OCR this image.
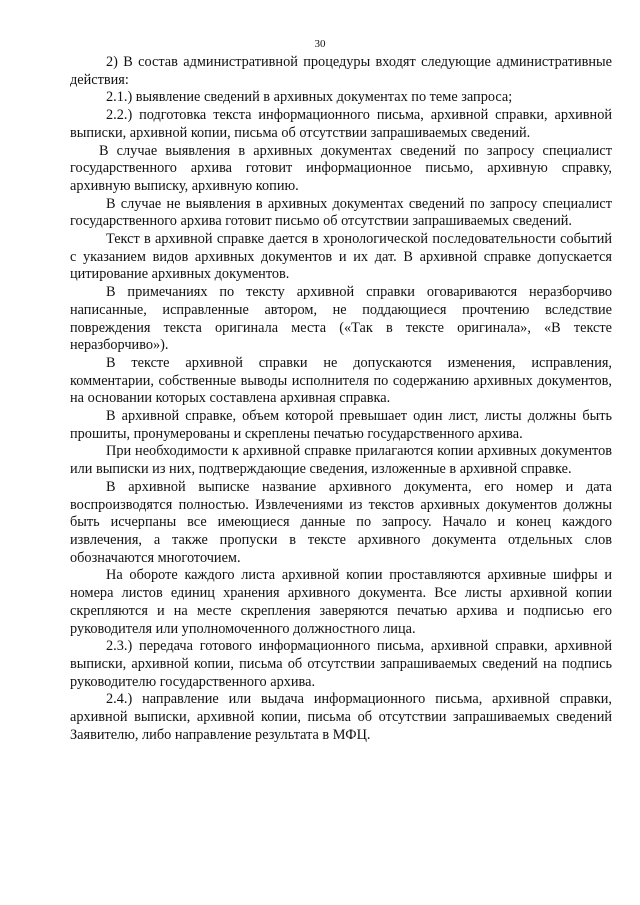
30

2) В состав административной процедуры входят следующие административные действия:

2.1.) выявление сведений в архивных документах по теме запроса;

2.2.) подготовка текста информационного письма, архивной справки, архивной выписки, архивной копии, письма об отсутствии запрашиваемых сведений.

В случае выявления в архивных документах сведений по запросу специалист государственного архива готовит информационное письмо, архивную справку, архивную выписку, архивную копию.

В случае не выявления в архивных документах сведений по запросу специалист государственного архива готовит письмо об отсутствии запрашиваемых сведений.

Текст в архивной справке дается в хронологической последовательности событий с указанием видов архивных документов и их дат. В архивной справке допускается цитирование архивных документов.

В примечаниях по тексту архивной справки оговариваются неразборчиво написанные, исправленные автором, не поддающиеся прочтению вследствие повреждения текста оригинала места («Так в тексте оригинала», «В тексте неразборчиво»).

В тексте архивной справки не допускаются изменения, исправления, комментарии, собственные выводы исполнителя по содержанию архивных документов, на основании которых составлена архивная справка.

В архивной справке, объем которой превышает один лист, листы должны быть прошиты, пронумерованы и скреплены печатью государственного архива.

При необходимости к архивной справке прилагаются копии архивных документов или выписки из них, подтверждающие сведения, изложенные в архивной справке.

В архивной выписке название архивного документа, его номер и дата воспроизводятся полностью. Извлечениями из текстов архивных документов должны быть исчерпаны все имеющиеся данные по запросу. Начало и конец каждого извлечения, а также пропуски в тексте архивного документа отдельных слов обозначаются многоточием.

На обороте каждого листа архивной копии проставляются архивные шифры и номера листов единиц хранения архивного документа. Все листы архивной копии скрепляются и на месте скрепления заверяются печатью архива и подписью его руководителя или уполномоченного должностного лица.

2.3.) передача готового информационного письма, архивной справки, архивной выписки, архивной копии, письма об отсутствии запрашиваемых сведений на подпись руководителю государственного архива.

2.4.) направление или выдача информационного письма, архивной справки, архивной выписки, архивной копии, письма об отсутствии запрашиваемых сведений Заявителю, либо направление результата в МФЦ.
